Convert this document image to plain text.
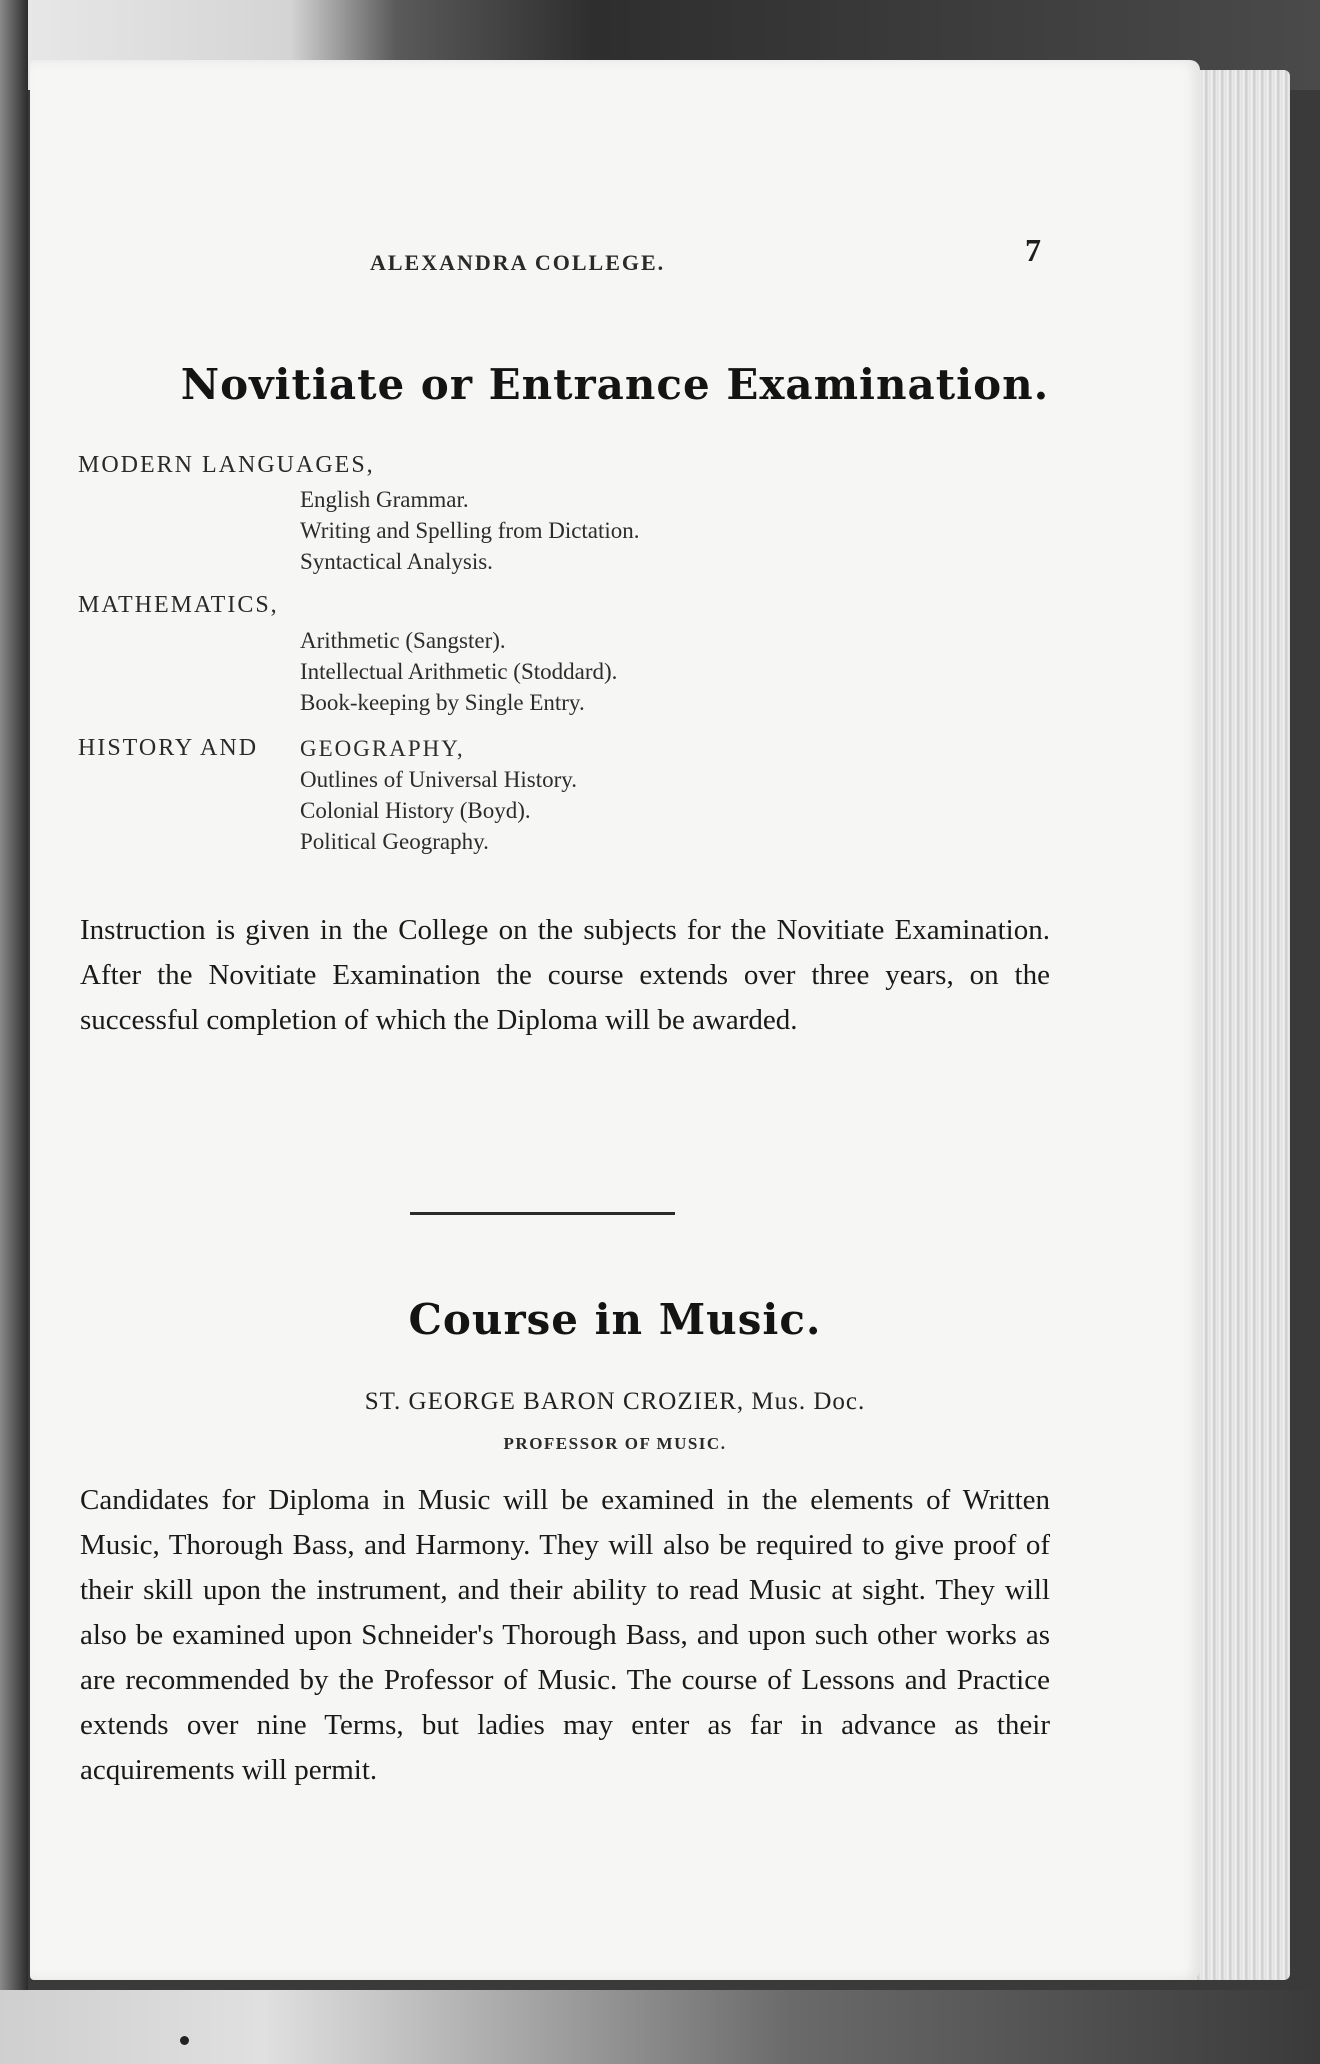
ALEXANDRA COLLEGE.	7
Novitiate or Entrance Examination.
MODERN LANGUAGES,
English Grammar.
Writing and Spelling from Dictation.
Syntactical Analysis.
MATHEMATICS,
Arithmetic (Sangster).
Intellectual Arithmetic (Stoddard).
Book-keeping by Single Entry.
HISTORY AND GEOGRAPHY,
Outlines of Universal History.
Colonial History (Boyd).
Political Geography.

Instruction is given in the College on the subjects for the Novitiate Examination. After the Novitiate Examination the course extends over three years, on the successful completion of which the Diploma will be awarded.

Course in Music.
ST. GEORGE BARON CROZIER, Mus. Doc.
PROFESSOR OF MUSIC.

Candidates for Diploma in Music will be examined in the elements of Written Music, Thorough Bass, and Harmony. They will also be required to give proof of their skill upon the instrument, and their ability to read Music at sight. They will also be examined upon Schneider's Thorough Bass, and upon such other works as are recommended by the Professor of Music. The course of Lessons and Practice extends over nine Terms, but ladies may enter as far in advance as their acquirements will permit.
